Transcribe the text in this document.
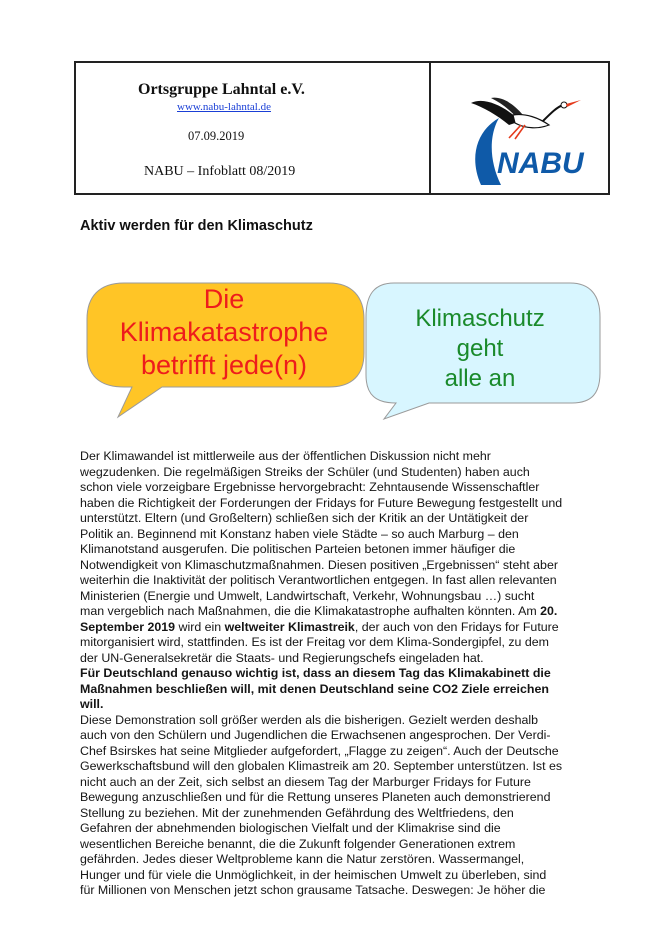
Ortsgruppe Lahntal e.V.
www.nabu-lahntal.de
07.09.2019
NABU – Infoblatt 08/2019	NABU
Aktiv werden für den Klimaschutz
Die
Klimakatastrophe
betrifft jede(n)
Klimaschutz
geht
alle an
Der Klimawandel ist mittlerweile aus der öffentlichen Diskussion nicht mehr
wegzudenken. Die regelmäßigen Streiks der Schüler (und Studenten) haben auch
schon viele vorzeigbare Ergebnisse hervorgebracht: Zehntausende Wissenschaftler
haben die Richtigkeit der Forderungen der Fridays for Future Bewegung festgestellt und
unterstützt. Eltern (und Großeltern) schließen sich der Kritik an der Untätigkeit der
Politik an. Beginnend mit Konstanz haben viele Städte – so auch Marburg – den
Klimanotstand ausgerufen. Die politischen Parteien betonen immer häufiger die
Notwendigkeit von Klimaschutzmaßnahmen. Diesen positiven „Ergebnissen“ steht aber
weiterhin die Inaktivität der politisch Verantwortlichen entgegen. In fast allen relevanten
Ministerien (Energie und Umwelt, Landwirtschaft, Verkehr, Wohnungsbau …) sucht
man vergeblich nach Maßnahmen, die die Klimakatastrophe aufhalten könnten. Am 20.
September 2019 wird ein weltweiter Klimastreik, der auch von den Fridays for Future
mitorganisiert wird, stattfinden. Es ist der Freitag vor dem Klima-Sondergipfel, zu dem
der UN-Generalsekretär die Staats- und Regierungschefs eingeladen hat.
Für Deutschland genauso wichtig ist, dass an diesem Tag das Klimakabinett die
Maßnahmen beschließen will, mit denen Deutschland seine CO2 Ziele erreichen
will.
Diese Demonstration soll größer werden als die bisherigen. Gezielt werden deshalb
auch von den Schülern und Jugendlichen die Erwachsenen angesprochen. Der Verdi-
Chef Bsirskes hat seine Mitglieder aufgefordert, „Flagge zu zeigen“. Auch der Deutsche
Gewerkschaftsbund will den globalen Klimastreik am 20. September unterstützen. Ist es
nicht auch an der Zeit, sich selbst an diesem Tag der Marburger Fridays for Future
Bewegung anzuschließen und für die Rettung unseres Planeten auch demonstrierend
Stellung zu beziehen. Mit der zunehmenden Gefährdung des Weltfriedens, den
Gefahren der abnehmenden biologischen Vielfalt und der Klimakrise sind die
wesentlichen Bereiche benannt, die die Zukunft folgender Generationen extrem
gefährden. Jedes dieser Weltprobleme kann die Natur zerstören. Wassermangel,
Hunger und für viele die Unmöglichkeit, in der heimischen Umwelt zu überleben, sind
für Millionen von Menschen jetzt schon grausame Tatsache. Deswegen: Je höher die
